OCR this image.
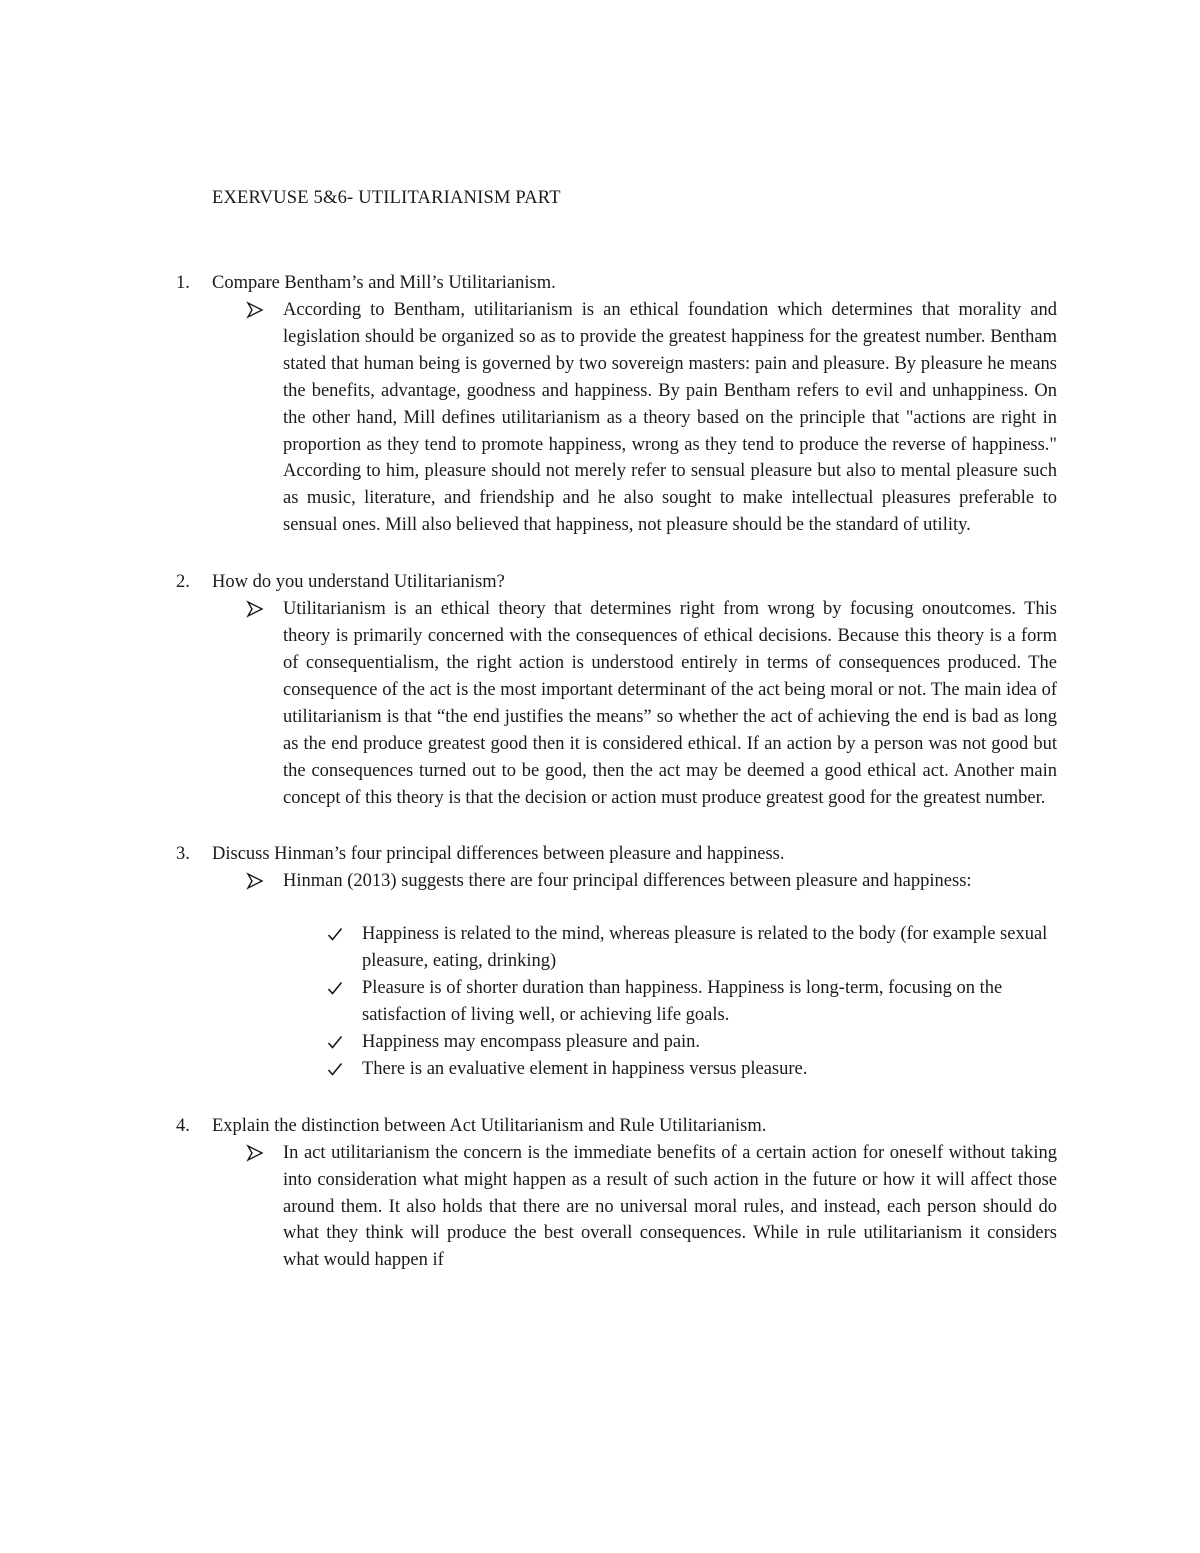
EXERVUSE 5&6- UTILITARIANISM PART
1. Compare Bentham’s and Mill’s Utilitarianism.

According to Bentham, utilitarianism is an ethical foundation which determines that morality and legislation should be organized so as to provide the greatest happiness for the greatest number. Bentham stated that human being is governed by two sovereign masters: pain and pleasure. By pleasure he means the benefits, advantage, goodness and happiness. By pain Bentham refers to evil and unhappiness. On the other hand, Mill defines utilitarianism as a theory based on the principle that "actions are right in proportion as they tend to promote happiness, wrong as they tend to produce the reverse of happiness." According to him, pleasure should not merely refer to sensual pleasure but also to mental pleasure such as music, literature, and friendship and he also sought to make intellectual pleasures preferable to sensual ones. Mill also believed that happiness, not pleasure should be the standard of utility.

2. How do you understand Utilitarianism?

Utilitarianism is an ethical theory that determines right from wrong by focusing onoutcomes. This theory is primarily concerned with the consequences of ethical decisions. Because this theory is a form of consequentialism, the right action is understood entirely in terms of consequences produced. The consequence of the act is the most important determinant of the act being moral or not. The main idea of utilitarianism is that “the end justifies the means” so whether the act of achieving the end is bad as long as the end produce greatest good then it is considered ethical. If an action by a person was not good but the consequences turned out to be good, then the act may be deemed a good ethical act. Another main concept of this theory is that the decision or action must produce greatest good for the greatest number.

3. Discuss Hinman’s four principal differences between pleasure and happiness.

Hinman (2013) suggests there are four principal differences between pleasure and happiness:

Happiness is related to the mind, whereas pleasure is related to the body (for example sexual pleasure, eating, drinking)

Pleasure is of shorter duration than happiness. Happiness is long-term, focusing on the satisfaction of living well, or achieving life goals.

Happiness may encompass pleasure and pain.

There is an evaluative element in happiness versus pleasure.

4. Explain the distinction between Act Utilitarianism and Rule Utilitarianism.

In act utilitarianism the concern is the immediate benefits of a certain action for oneself without taking into consideration what might happen as a result of such action in the future or how it will affect those around them. It also holds that there are no universal moral rules, and instead, each person should do what they think will produce the best overall consequences. While in rule utilitarianism it considers what would happen if
